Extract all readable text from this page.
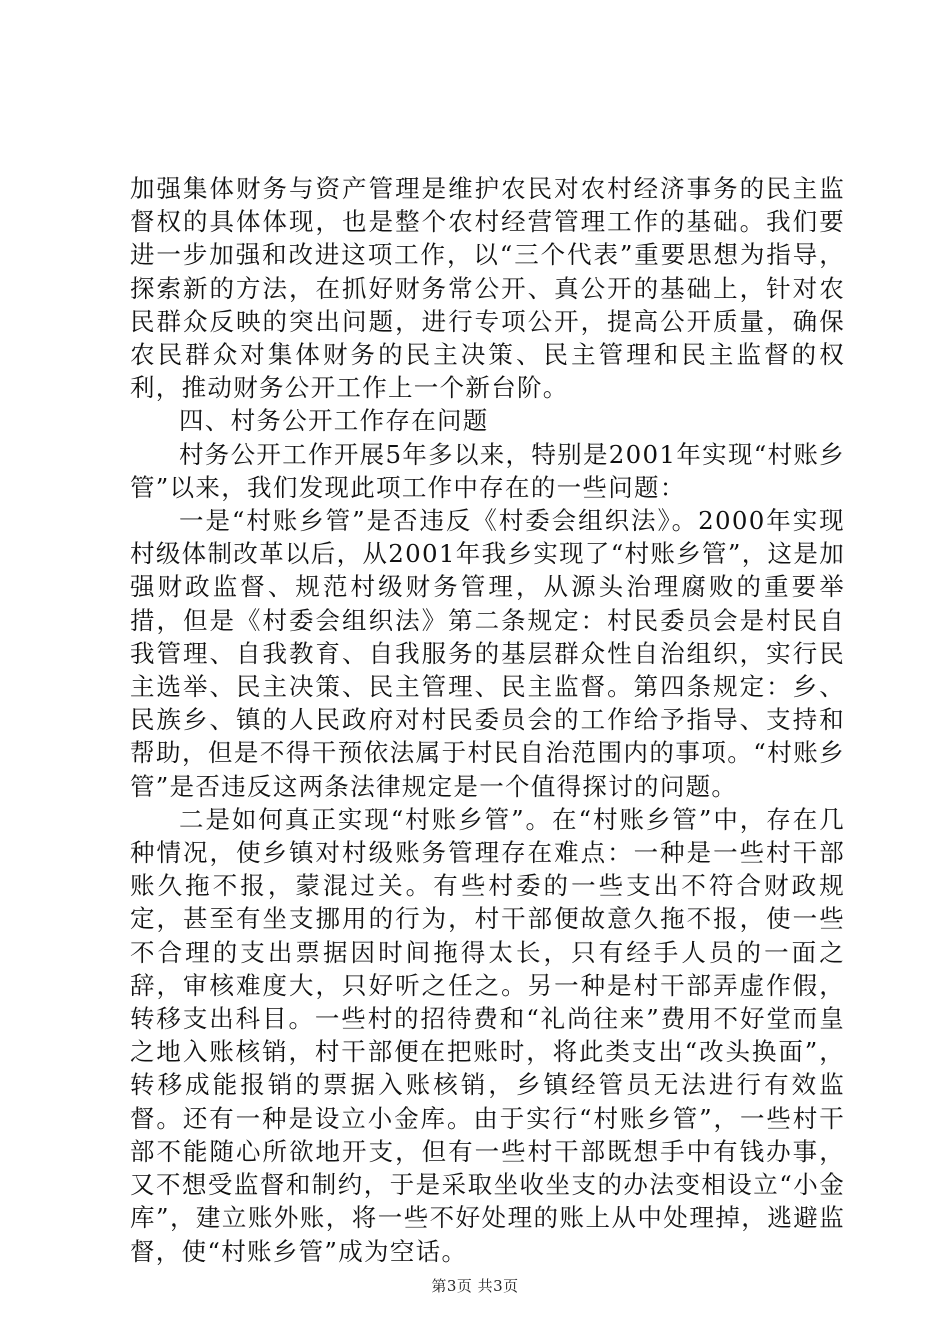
加强集体财务与资产管理是维护农民对农村经济事务的民主监督权的具体体现，也是整个农村经营管理工作的基础。我们要进一步加强和改进这项工作，以“三个代表”重要思想为指导，探索新的方法，在抓好财务常公开、真公开的基础上，针对农民群众反映的突出问题，进行专项公开，提高公开质量，确保农民群众对集体财务的民主决策、民主管理和民主监督的权利，推动财务公开工作上一个新台阶。

四、村务公开工作存在问题

村务公开工作开展5年多以来，特别是2001年实现“村账乡管”以来，我们发现此项工作中存在的一些问题：

一是“村账乡管”是否违反《村委会组织法》。2000年实现村级体制改革以后，从2001年我乡实现了“村账乡管”，这是加强财政监督、规范村级财务管理，从源头治理腐败的重要举措，但是《村委会组织法》第二条规定：村民委员会是村民自我管理、自我教育、自我服务的基层群众性自治组织，实行民主选举、民主决策、民主管理、民主监督。第四条规定：乡、民族乡、镇的人民政府对村民委员会的工作给予指导、支持和帮助，但是不得干预依法属于村民自治范围内的事项。“村账乡管”是否违反这两条法律规定是一个值得探讨的问题。

二是如何真正实现“村账乡管”。在“村账乡管”中，存在几种情况，使乡镇对村级账务管理存在难点：一种是一些村干部账久拖不报，蒙混过关。有些村委的一些支出不符合财政规定，甚至有坐支挪用的行为，村干部便故意久拖不报，使一些不合理的支出票据因时间拖得太长，只有经手人员的一面之辞，审核难度大，只好听之任之。另一种是村干部弄虚作假，转移支出科目。一些村的招待费和“礼尚往来”费用不好堂而皇之地入账核销，村干部便在把账时，将此类支出“改头换面”，转移成能报销的票据入账核销，乡镇经管员无法进行有效监督。还有一种是设立小金库。由于实行“村账乡管”，一些村干部不能随心所欲地开支，但有一些村干部既想手中有钱办事，又不想受监督和制约，于是采取坐收坐支的办法变相设立“小金库”，建立账外账，将一些不好处理的账上从中处理掉，逃避监督，使“村账乡管”成为空话。

第3页 共3页
